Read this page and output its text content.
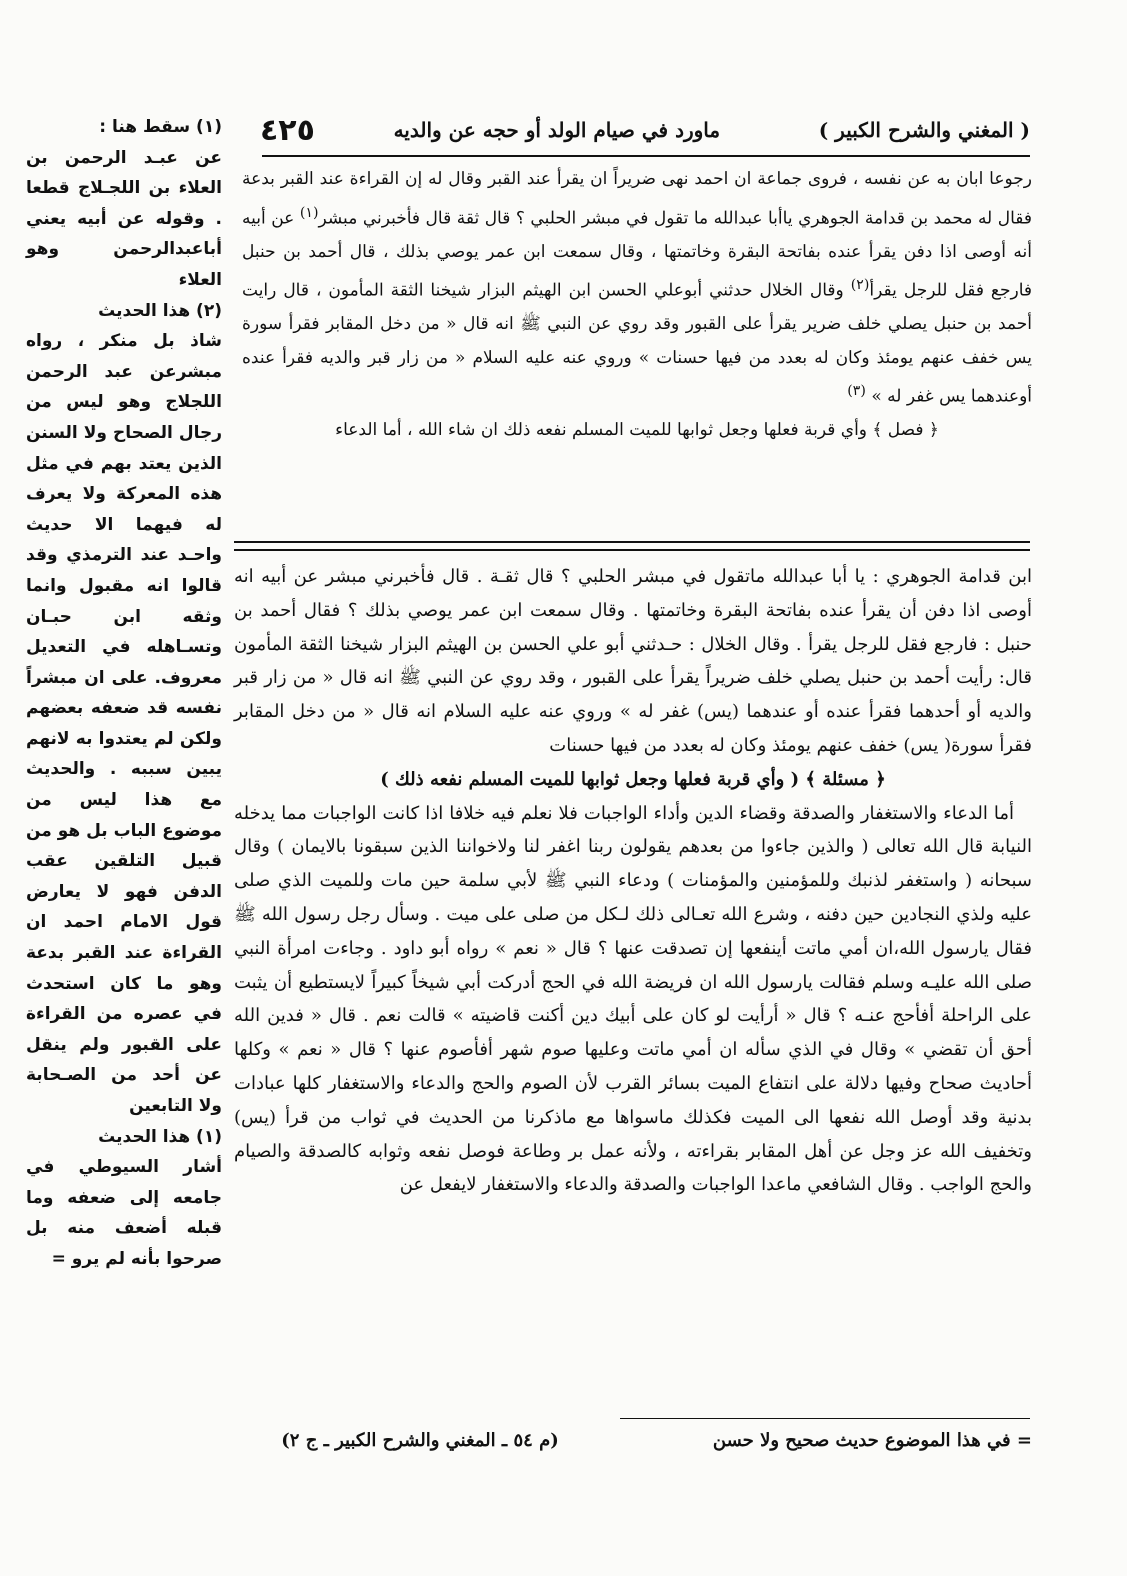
( المغني والشرح الكبير )
ماورد في صيام الولد أو حجه عن والديه
٤٢٥

رجوعا ابان به عن نفسه ، فروى جماعة ان احمد نهى ضريراً ان يقرأ عند القبر وقال له إن القراءة عند القبر بدعة فقال له محمد بن قدامة الجوهري ياأبا عبدالله ما تقول في مبشر الحلبي ؟ قال ثقة قال فأخبرني مبشر$^{(١)}$ عن أبيه أنه أوصى اذا دفن يقرأ عنده بفاتحة البقرة وخاتمتها ، وقال سمعت ابن عمر يوصي بذلك ، قال أحمد بن حنبل فارجع فقل للرجل يقرأ$^{(٢)}$ وقال الخلال حدثني أبوعلي الحسن ابن الهيثم البزار شيخنا الثقة المأمون ، قال رايت أحمد بن حنبل يصلي خلف ضرير يقرأ على القبور وقد روي عن النبي ﷺ انه قال « من دخل المقابر فقرأ سورة يس خفف عنهم يومئذ وكان له بعدد من فيها حسنات » وروي عنه عليه السلام « من زار قبر والديه فقرأ عنده أوعندهما يس غفر له » $^{(٣)}$

﴿ فصل ﴾ وأي قربة فعلها وجعل ثوابها للميت المسلم نفعه ذلك ان شاء الله ، أما الدعاء

ابن قدامة الجوهري : يا أبا عبدالله ماتقول في مبشر الحلبي ؟ قال ثقـة . قال فأخبرني مبشر عن أبيه انه أوصى اذا دفن أن يقرأ عنده بفاتحة البقرة وخاتمتها . وقال سمعت ابن عمر يوصي بذلك ؟ فقال أحمد بن حنبل : فارجع فقل للرجل يقرأ . وقال الخلال : حـدثني أبو علي الحسن بن الهيثم البزار شيخنا الثقة المأمون قال: رأيت أحمد بن حنبل يصلي خلف ضريراً يقرأ على القبور ، وقد روي عن النبي ﷺ انه قال « من زار قبر والديه أو أحدهما فقرأ عنده أو عندهما (يس) غفر له » وروي عنه عليه السلام انه قال « من دخل المقابر فقرأ سورة( يس) خفف عنهم يومئذ وكان له بعدد من فيها حسنات

﴿ مسئلة ﴾ ( وأي قربة فعلها وجعل ثوابها للميت المسلم نفعه ذلك )

أما الدعاء والاستغفار والصدقة وقضاء الدين وأداء الواجبات فلا نعلم فيه خلافا اذا كانت الواجبات مما يدخله النيابة قال الله تعالى ( والذين جاءوا من بعدهم يقولون ربنا اغفر لنا ولاخواننا الذين سبقونا بالايمان ) وقال سبحانه ( واستغفر لذنبك وللمؤمنين والمؤمنات ) ودعاء النبي ﷺ لأبي سلمة حين مات وللميت الذي صلى عليه ولذي النجادين حين دفنه ، وشرع الله تعـالى ذلك لـكل من صلى على ميت . وسأل رجل رسول الله ﷺ فقال يارسول الله،ان أمي ماتت أينفعها إن تصدقت عنها ؟ قال « نعم » رواه أبو داود . وجاءت امرأة النبي صلى الله عليـه وسلم فقالت يارسول الله ان فريضة الله في الحج أدركت أبي شيخاً كبيراً لايستطيع أن يثبت على الراحلة أفأحج عنـه ؟ قال « أرأيت لو كان على أبيك دين أكنت قاضيته » قالت نعم . قال « فدين الله أحق أن تقضي » وقال في الذي سأله ان أمي ماتت وعليها صوم شهر أفأصوم عنها ؟ قال « نعم » وكلها أحاديث صحاح وفيها دلالة على انتفاع الميت بسائر القرب لأن الصوم والحج والدعاء والاستغفار كلها عبادات بدنية وقد أوصل الله نفعها الى الميت فكذلك ماسواها مع ماذكرنا من الحديث في ثواب من قرأ (يس) وتخفيف الله عز وجل عن أهل المقابر بقراءته ، ولأنه عمل بر وطاعة فوصل نفعه وثوابه كالصدقة والصيام والحج الواجب . وقال الشافعي ماعدا الواجبات والصدقة والدعاء والاستغفار لايفعل عن

= في هذا الموضوع حديث صحيح ولا حسن
(م ٥٤ ـ المغني والشرح الكبير ـ ج ٢)

(١) سقط هنا :

عن عبـد الرحمن بن العلاء بن اللجـلاج قطعا . وقوله عن أبيه يعني أباعبدالرحمن وهو العلاء

(٢) هذا الحديث

شاذ بل منكر ، رواه مبشرعن عبد الرحمن اللجلاج وهو ليس من رجال الصحاح ولا السنن الذين يعتد بهم في مثل هذه المعركة ولا يعرف له فيهما الا حديث واحـد عند الترمذي وقد قالوا انه مقبول وانما وثقه ابن حبـان وتسـاهله في التعديل معروف. على ان مبشراً نفسه قد ضعفه بعضهم ولكن لم يعتدوا به لانهم يبين سببه . والحديث مع هذا ليس من موضوع الباب بل هو من قبيل التلقين عقب الدفن فهو لا يعارض قول الامام احمد ان القراءة عند القبر بدعة وهو ما كان استحدث في عصره من القراءة على القبور ولم ينقل عن أحد من الصـحابة ولا التابعين

(١) هذا الحديث

أشار السيوطي في جامعه إلى ضعفه وما قبله أضعف منه بل صرحوا بأنه لم يرو =
